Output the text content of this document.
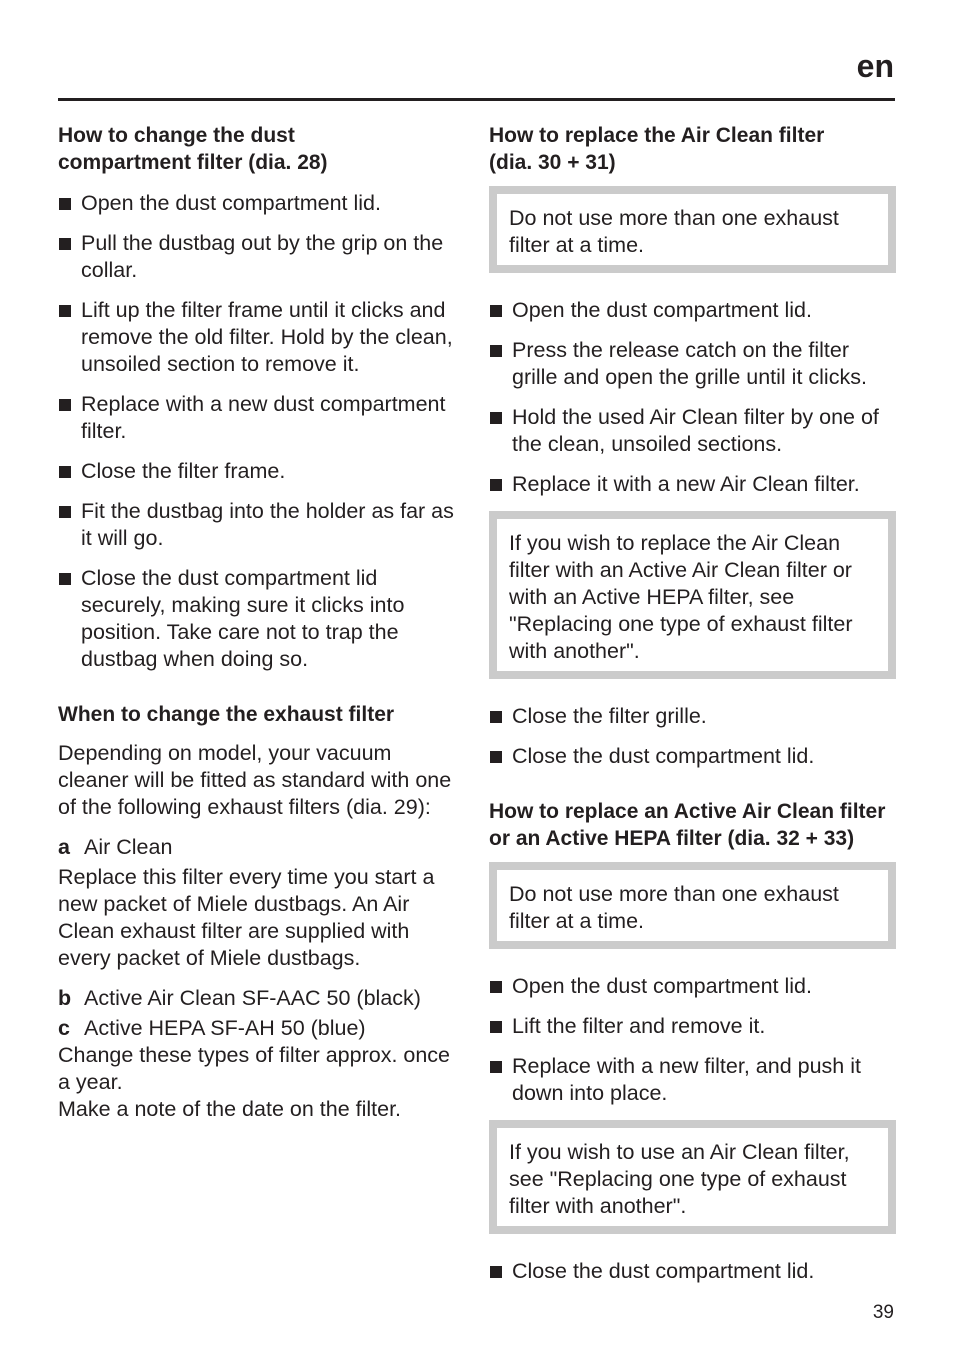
en
How to change the dust
compartment filter (dia. 28)
Open the dust compartment lid.
Pull the dustbag out by the grip on the collar.
Lift up the filter frame until it clicks and remove the old filter. Hold by the clean, unsoiled section to remove it.
Replace with a new dust compartment filter.
Close the filter frame.
Fit the dustbag into the holder as far as it will go.
Close the dust compartment lid securely, making sure it clicks into position. Take care not to trap the dustbag when doing so.
When to change the exhaust filter

Depending on model, your vacuum cleaner will be fitted as standard with one of the following exhaust filters (dia. 29):

a Air Clean

Replace this filter every time you start a new packet of Miele dustbags. An Air Clean exhaust filter are supplied with every packet of Miele dustbags.

b Active Air Clean SF-AAC 50 (black)
c Active HEPA SF-AH 50 (blue)

Change these types of filter approx. once a year.

Make a note of the date on the filter.

How to replace the Air Clean filter
(dia. 30 + 31)
Do not use more than one exhaust filter at a time.
Open the dust compartment lid.
Press the release catch on the filter grille and open the grille until it clicks.
Hold the used Air Clean filter by one of the clean, unsoiled sections.
Replace it with a new Air Clean filter.
If you wish to replace the Air Clean filter with an Active Air Clean filter or with an Active HEPA filter, see "Replacing one type of exhaust filter with another".
Close the filter grille.
Close the dust compartment lid.
How to replace an Active Air Clean filter or an Active HEPA filter (dia. 32 + 33)
Do not use more than one exhaust filter at a time.
Open the dust compartment lid.
Lift the filter and remove it.
Replace with a new filter, and push it down into place.
If you wish to use an Air Clean filter, see "Replacing one type of exhaust filter with another".
Close the dust compartment lid.
39
